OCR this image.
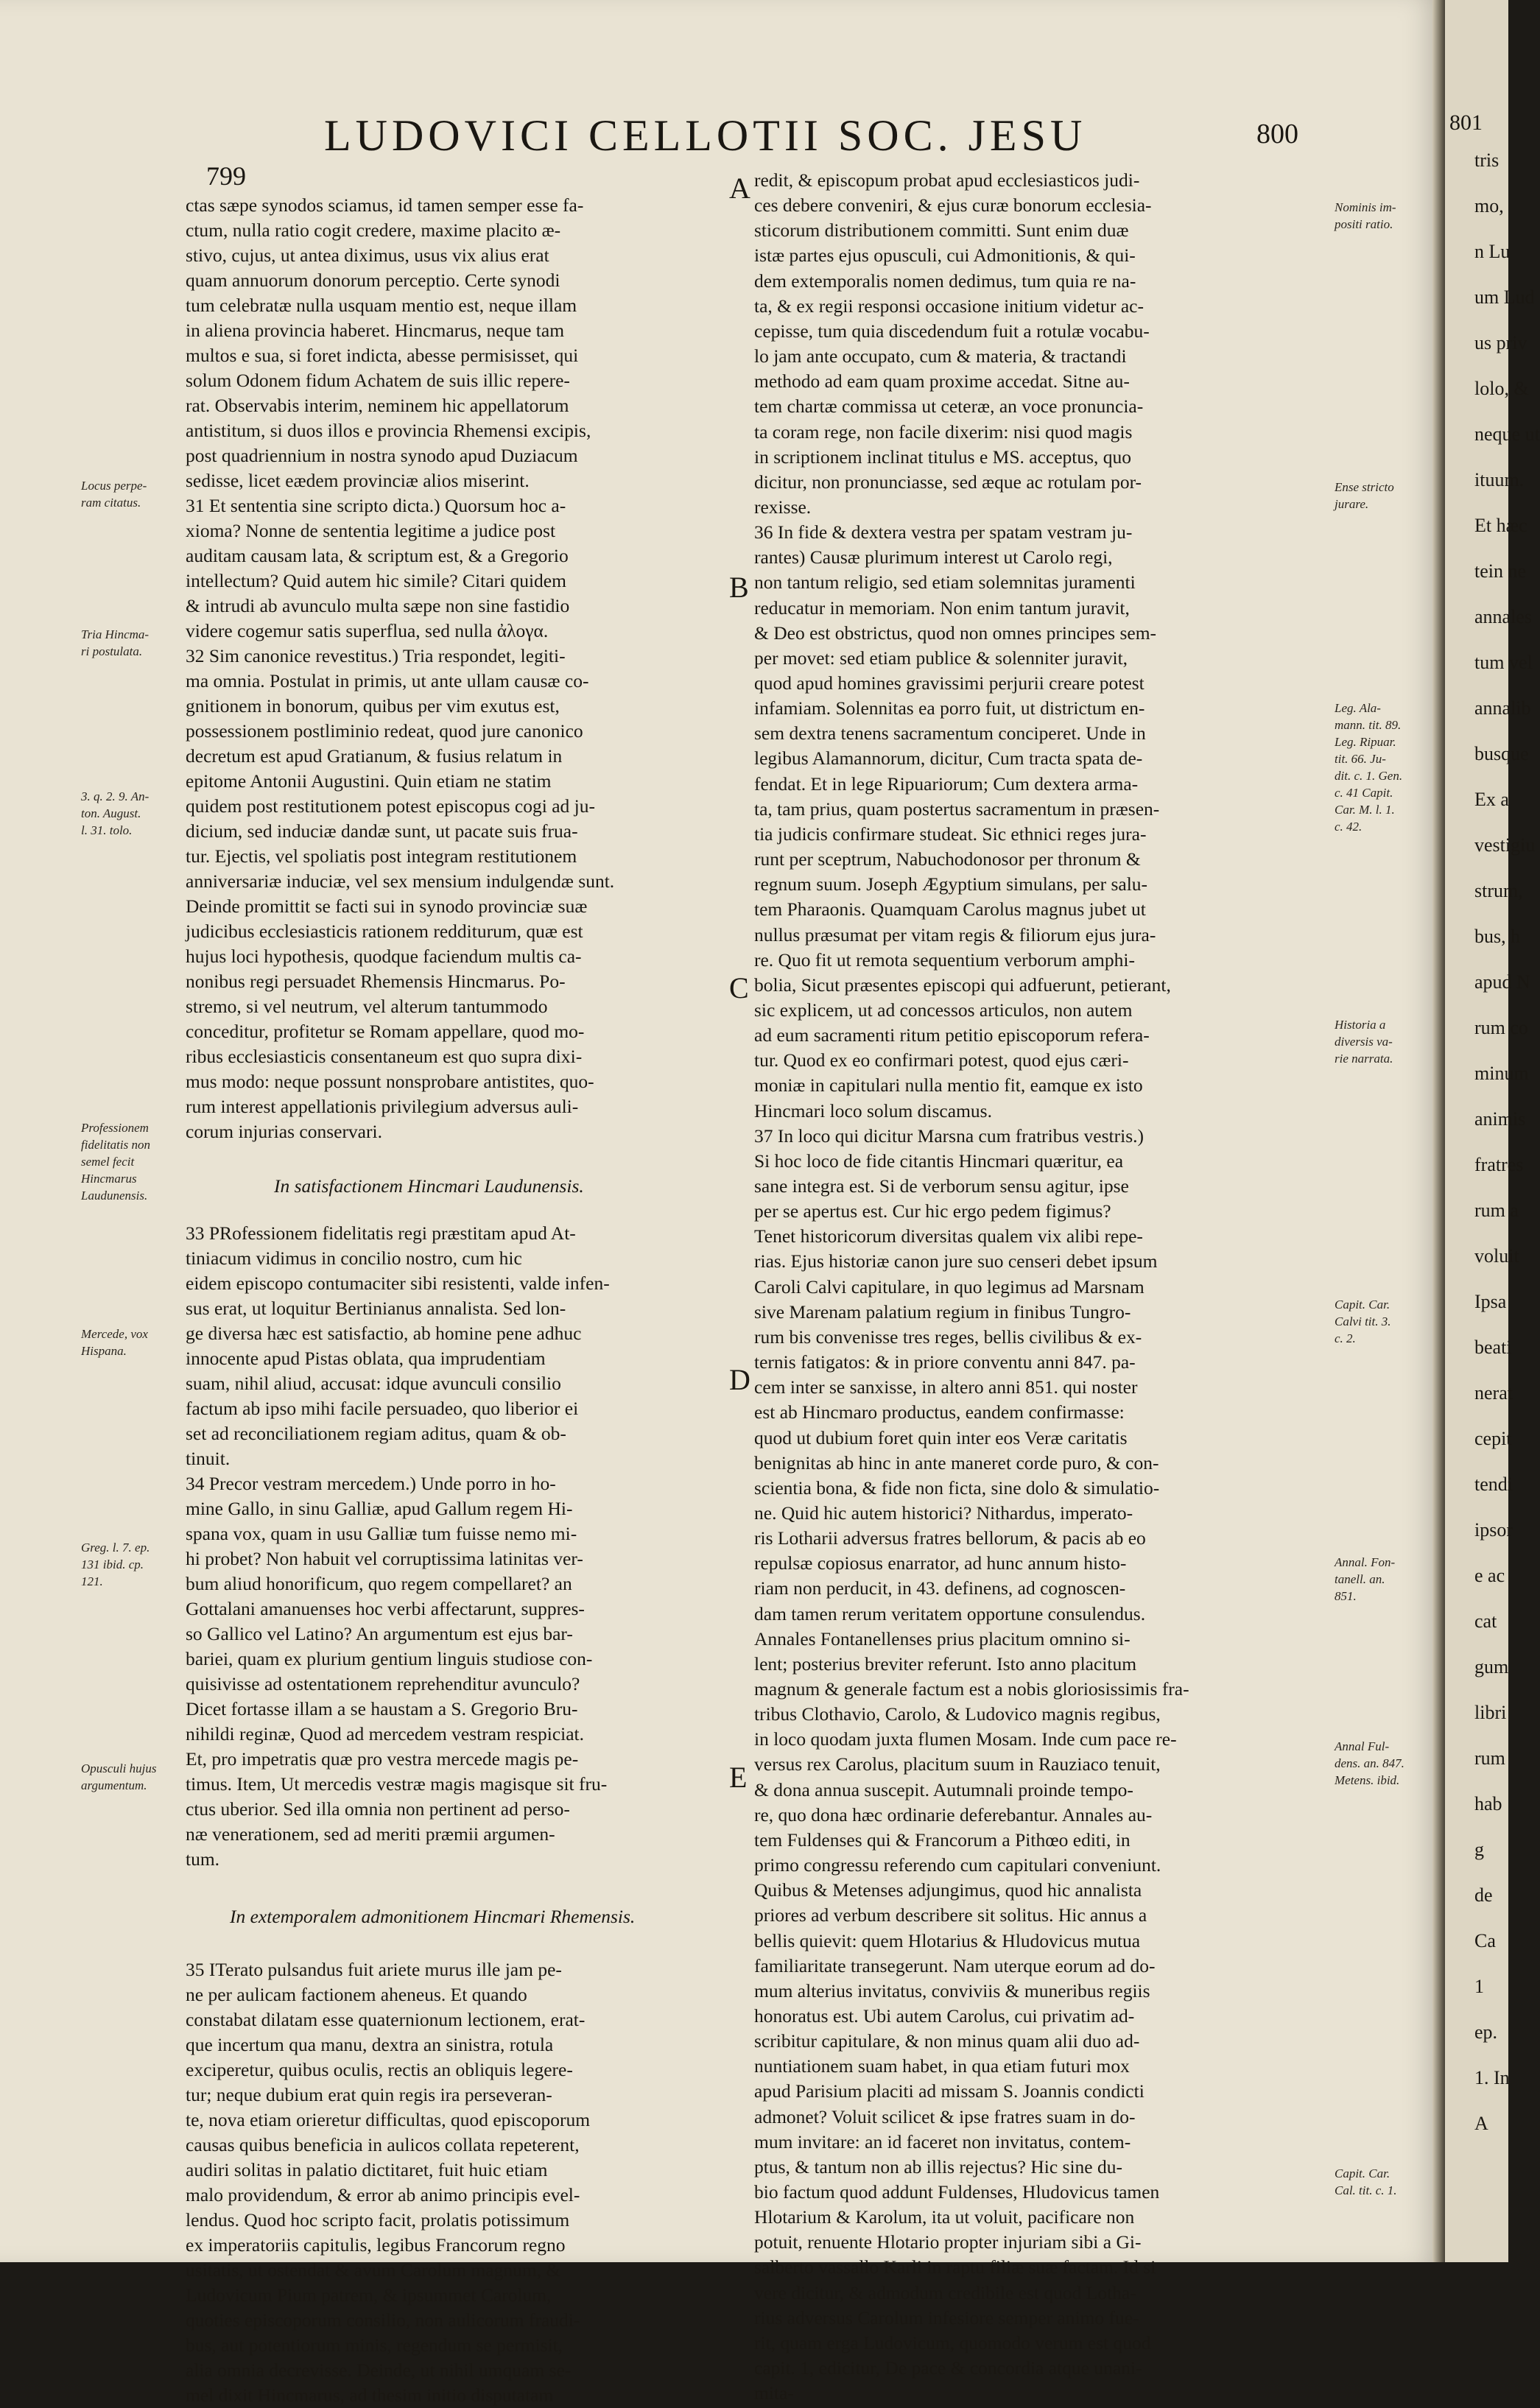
799
LUDOVICI CELLOTII SOC. JESU	800

ctas sæpe synodos sciamus, id tamen semper esse fa-

ctum, nulla ratio cogit credere, maxime placito æ-

stivo, cujus, ut antea diximus, usus vix alius erat

quam annuorum donorum perceptio. Certe synodi

tum celebratæ nulla usquam mentio est, neque illam

in aliena provincia haberet. Hincmarus, neque tam

multos e sua, si foret indicta, abesse permisisset, qui

solum Odonem fidum Achatem de suis illic repere-

rat. Observabis interim, neminem hic appellatorum

antistitum, si duos illos e provincia Rhemensi excipis,

post quadriennium in nostra synodo apud Duziacum

sedisse, licet eædem provinciæ alios miserint.

31 Et sententia sine scripto dicta.) Quorsum hoc a-

xioma? Nonne de sententia legitime a judice post

auditam causam lata, & scriptum est, & a Gregorio

intellectum? Quid autem hic simile? Citari quidem

& intrudi ab avunculo multa sæpe non sine fastidio

videre cogemur satis superflua, sed nulla ἀλογα.

32 Sim canonice revestitus.) Tria respondet, legiti-

ma omnia. Postulat in primis, ut ante ullam causæ co-

gnitionem in bonorum, quibus per vim exutus est,

possessionem postliminio redeat, quod jure canonico

decretum est apud Gratianum, & fusius relatum in

epitome Antonii Augustini. Quin etiam ne statim

quidem post restitutionem potest episcopus cogi ad ju-

dicium, sed induciæ dandæ sunt, ut pacate suis frua-

tur. Ejectis, vel spoliatis post integram restitutionem

anniversariæ induciæ, vel sex mensium indulgendæ sunt.

Deinde promittit se facti sui in synodo provinciæ suæ

judicibus ecclesiasticis rationem redditurum, quæ est

hujus loci hypothesis, quodque faciendum multis ca-

nonibus regi persuadet Rhemensis Hincmarus. Po-

stremo, si vel neutrum, vel alterum tantummodo

conceditur, profitetur se Romam appellare, quod mo-

ribus ecclesiasticis consentaneum est quo supra dixi-

mus modo: neque possunt nonsprobare antistites, quo-

rum interest appellationis privilegium adversus auli-

corum injurias conservari.

In satisfactionem Hincmari Laudunensis.

33 PRofessionem fidelitatis regi præstitam apud At-

tiniacum vidimus in concilio nostro, cum hic

eidem episcopo contumaciter sibi resistenti, valde infen-

sus erat, ut loquitur Bertinianus annalista. Sed lon-

ge diversa hæc est satisfactio, ab homine pene adhuc

innocente apud Pistas oblata, qua imprudentiam

suam, nihil aliud, accusat: idque avunculi consilio

factum ab ipso mihi facile persuadeo, quo liberior ei

set ad reconciliationem regiam aditus, quam & ob-

tinuit.

34 Precor vestram mercedem.) Unde porro in ho-

mine Gallo, in sinu Galliæ, apud Gallum regem Hi-

spana vox, quam in usu Galliæ tum fuisse nemo mi-

hi probet? Non habuit vel corruptissima latinitas ver-

bum aliud honorificum, quo regem compellaret? an

Gottalani amanuenses hoc verbi affectarunt, suppres-

so Gallico vel Latino? An argumentum est ejus bar-

bariei, quam ex plurium gentium linguis studiose con-

quisivisse ad ostentationem reprehenditur avunculo?

Dicet fortasse illam a se haustam a S. Gregorio Bru-

nihildi reginæ, Quod ad mercedem vestram respiciat.

Et, pro impetratis quæ pro vestra mercede magis pe-

timus. Item, Ut mercedis vestræ magis magisque sit fru-

ctus uberior. Sed illa omnia non pertinent ad perso-

næ venerationem, sed ad meriti præmii argumen-

tum.

In extemporalem admonitionem Hincmari Rhemensis.

35 ITerato pulsandus fuit ariete murus ille jam pe-

ne per aulicam factionem aheneus. Et quando

constabat dilatam esse quaternionum lectionem, erat-

que incertum qua manu, dextra an sinistra, rotula

exciperetur, quibus oculis, rectis an obliquis legere-

tur; neque dubium erat quin regis ira perseveran-

te, nova etiam orieretur difficultas, quod episcoporum

causas quibus beneficia in aulicos collata repeterent,

audiri solitas in palatio dictitaret, fuit huic etiam

malo providendum, & error ab animo principis evel-

lendus. Quod hoc scripto facit, prolatis potissimum

ex imperatoriis capitulis, legibus Francorum regno

usitatis, ut ostendat & avum Carolum magnum, &

Ludovicum Pium patrem, & ipsummet Carolum,

quoties episcoporum consilio, non aulicorum fraudi-

bus, aut potentiorum minis, regendum se permisit,

alia omnia decrevisse. Deinde, ut nihil umquam se-

mel dixit Hincmarus, ad thesim initio disputatam

redit, & episcopum probat apud ecclesiasticos judi-

ces debere conveniri, & ejus curæ bonorum ecclesia-

sticorum distributionem committi. Sunt enim duæ

istæ partes ejus opusculi, cui Admonitionis, & qui-

dem extemporalis nomen dedimus, tum quia re na-

ta, & ex regii responsi occasione initium videtur ac-

cepisse, tum quia discedendum fuit a rotulæ vocabu-

lo jam ante occupato, cum & materia, & tractandi

methodo ad eam quam proxime accedat. Sitne au-

tem chartæ commissa ut ceteræ, an voce pronuncia-

ta coram rege, non facile dixerim: nisi quod magis

in scriptionem inclinat titulus e MS. acceptus, quo

dicitur, non pronunciasse, sed æque ac rotulam por-

rexisse.

36 In fide & dextera vestra per spatam vestram ju-

rantes) Causæ plurimum interest ut Carolo regi,

non tantum religio, sed etiam solemnitas juramenti

reducatur in memoriam. Non enim tantum juravit,

& Deo est obstrictus, quod non omnes principes sem-

per movet: sed etiam publice & solenniter juravit,

quod apud homines gravissimi perjurii creare potest

infamiam. Solennitas ea porro fuit, ut districtum en-

sem dextra tenens sacramentum conciperet. Unde in

legibus Alamannorum, dicitur, Cum tracta spata de-

fendat. Et in lege Ripuariorum; Cum dextera arma-

ta, tam prius, quam postertus sacramentum in præsen-

tia judicis confirmare studeat. Sic ethnici reges jura-

runt per sceptrum, Nabuchodonosor per thronum &

regnum suum. Joseph Ægyptium simulans, per salu-

tem Pharaonis. Quamquam Carolus magnus jubet ut

nullus præsumat per vitam regis & filiorum ejus jura-

re. Quo fit ut remota sequentium verborum amphi-

bolia, Sicut præsentes episcopi qui adfuerunt, petierant,

sic explicem, ut ad concessos articulos, non autem

ad eum sacramenti ritum petitio episcoporum refera-

tur. Quod ex eo confirmari potest, quod ejus cæri-

moniæ in capitulari nulla mentio fit, eamque ex isto

Hincmari loco solum discamus.

37 In loco qui dicitur Marsna cum fratribus vestris.)

Si hoc loco de fide citantis Hincmari quæritur, ea

sane integra est. Si de verborum sensu agitur, ipse

per se apertus est. Cur hic ergo pedem figimus?

Tenet historicorum diversitas qualem vix alibi repe-

rias. Ejus historiæ canon jure suo censeri debet ipsum

Caroli Calvi capitulare, in quo legimus ad Marsnam

sive Marenam palatium regium in finibus Tungro-

rum bis convenisse tres reges, bellis civilibus & ex-

ternis fatigatos: & in priore conventu anni 847. pa-

cem inter se sanxisse, in altero anni 851. qui noster

est ab Hincmaro productus, eandem confirmasse:

quod ut dubium foret quin inter eos Veræ caritatis

benignitas ab hinc in ante maneret corde puro, & con-

scientia bona, & fide non ficta, sine dolo & simulatio-

ne. Quid hic autem historici? Nithardus, imperato-

ris Lotharii adversus fratres bellorum, & pacis ab eo

repulsæ copiosus enarrator, ad hunc annum histo-

riam non perducit, in 43. definens, ad cognoscen-

dam tamen rerum veritatem opportune consulendus.

Annales Fontanellenses prius placitum omnino si-

lent; posterius breviter referunt. Isto anno placitum

magnum & generale factum est a nobis gloriosissimis fra-

tribus Clothavio, Carolo, & Ludovico magnis regibus,

in loco quodam juxta flumen Mosam. Inde cum pace re-

versus rex Carolus, placitum suum in Rauziaco tenuit,

& dona annua suscepit. Autumnali proinde tempo-

re, quo dona hæc ordinarie deferebantur. Annales au-

tem Fuldenses qui & Francorum a Pithœo editi, in

primo congressu referendo cum capitulari conveniunt.

Quibus & Metenses adjungimus, quod hic annalista

priores ad verbum describere sit solitus. Hic annus a

bellis quievit: quem Hlotarius & Hludovicus mutua

familiaritate transegerunt. Nam uterque eorum ad do-

mum alterius invitatus, conviviis & muneribus regiis

honoratus est. Ubi autem Carolus, cui privatim ad-

scribitur capitulare, & non minus quam alii duo ad-

nuntiationem suam habet, in qua etiam futuri mox

apud Parisium placiti ad missam S. Joannis condicti

admonet? Voluit scilicet & ipse fratres suam in do-

mum invitare: an id faceret non invitatus, contem-

ptus, & tantum non ab illis rejectus? Hic sine du-

bio factum quod addunt Fuldenses, Hludovicus tamen

Hlotarium & Karolum, ita ut voluit, pacificare non

potuit, renuente Hlotario propter injuriam sibi a Gi-

salberto vassallo Karli in raptu filiæ suæ factam. Id si

vere dicitur, & admodum credibile est quod Lotha-

rius adversus Carolum infesiore semper animo fue-

rit, quam erga Ludovicum, quomodo verum est quod

capit. 1, edicitur, De pace & concordia atque unani-

mita-

Locus perpe-
ram citatus.
Tria Hincma-
ri postulata.
3. q. 2. 9. An-
ton. August.
l. 31. tolo.
Professionem
fidelitatis non
semel fecit
Hincmarus
Laudunensis.
Mercede, vox
Hispana.
Greg. l. 7. ep.
131 ibid. cp.
121.
Opusculi hujus
argumentum.
Nominis im-
positi ratio.
Ense stricto
jurare.
Leg. Ala-
mann. tit. 89.
Leg. Ripuar.
tit. 66. Ju-
dit. c. 1. Gen.
c. 41 Capit.
Car. M. l. 1.
c. 42.
Historia a
diversis va-
rie narrata.
Capit. Car.
Calvi tit. 3.
c. 2.
Annal. Fon-
tanell. an.
851.
Annal Ful-
dens. an. 847.
Metens. ibid.
Capit. Car.
Cal. tit. c. 1.
A
B
C
D
E
801
tris
mo,
n Lu
um Lud
us priv
lolo, &
neque ut
ituum.
Et hæc
tein ne
annales
tum vel
annalib
busque
Ex a
vestigiu
strum,
bus, h
apud N
rum co
minum
animis
fratres
rum a
voluit
Ipsa
beati
nerat
cepit
tendi
ipsor
e ac
cat
gum
libri
rum
hab
g
de
Ca
1
ep.
1. In
A
